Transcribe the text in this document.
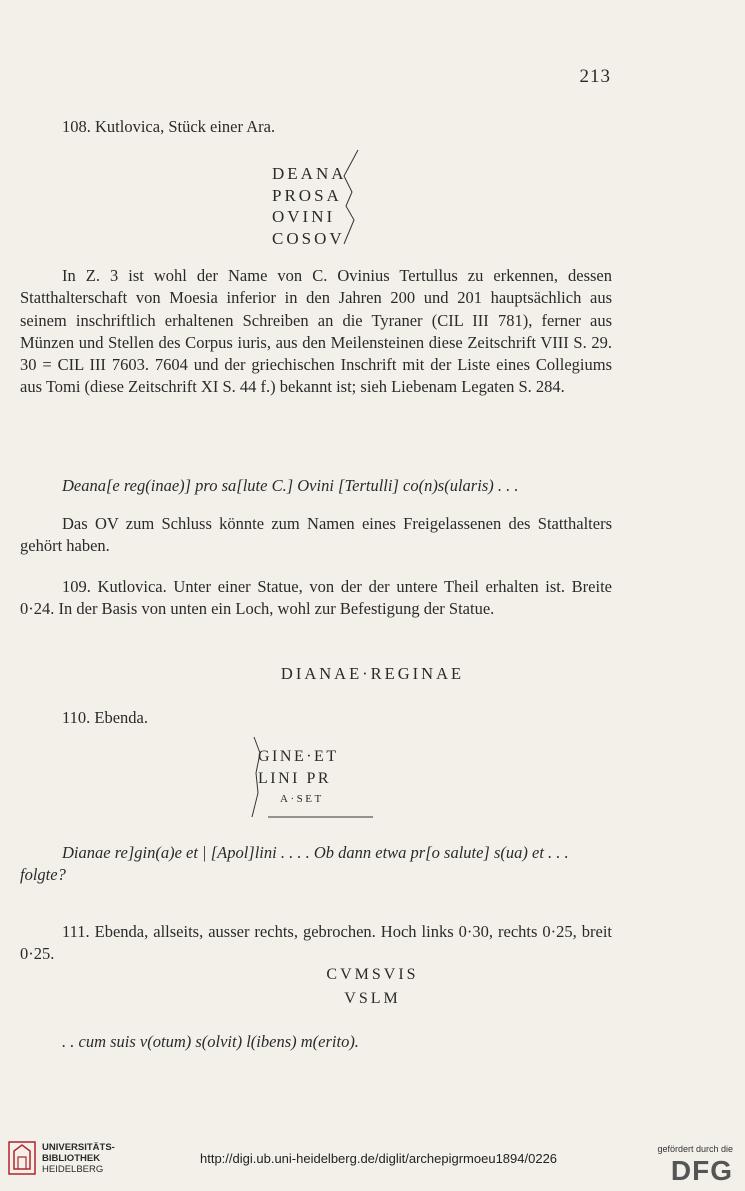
213
108. Kutlovica, Stück einer Ara.
DEANA
PROSA
OVINI
COSOV
In Z. 3 ist wohl der Name von C. Ovinius Tertullus zu erkennen, dessen Statthalterschaft von Moesia inferior in den Jahren 200 und 201 hauptsächlich aus seinem inschriftlich erhaltenen Schreiben an die Tyraner (CIL III 781), ferner aus Münzen und Stellen des Corpus iuris, aus den Meilensteinen diese Zeitschrift VIII S. 29. 30 = CIL III 7603. 7604 und der griechischen Inschrift mit der Liste eines Collegiums aus Tomi (diese Zeitschrift XI S. 44 f.) bekannt ist; sieh Liebenam Legaten S. 284.
Deana[e reg(inae)] pro sa[lute C.] Ovini [Tertulli] co(n)s(ularis) . . .
Das OV zum Schluss könnte zum Namen eines Freigelassenen des Statthalters gehört haben.
109. Kutlovica. Unter einer Statue, von der der untere Theil erhalten ist. Breite 0·24. In der Basis von unten ein Loch, wohl zur Befestigung der Statue.
DIANAE·REGINAE
110. Ebenda.
GINE·ET
LINI PR
A·SET
Dianae re]gin(a)e et | [Apol]lini . . . . Ob dann etwa pr[o salute] s(ua) et . . . folgte?
111. Ebenda, allseits, ausser rechts, gebrochen. Hoch links 0·30, rechts 0·25, breit 0·25.
CVMSVIS
VSLM
. . cum suis v(otum) s(olvit) l(ibens) m(erito).
UNIVERSITÄTS-
BIBLIOTHEK
HEIDELBERG
http://digi.ub.uni-heidelberg.de/diglit/archepigrmoeu1894/0226
gefördert durch die
DFG
